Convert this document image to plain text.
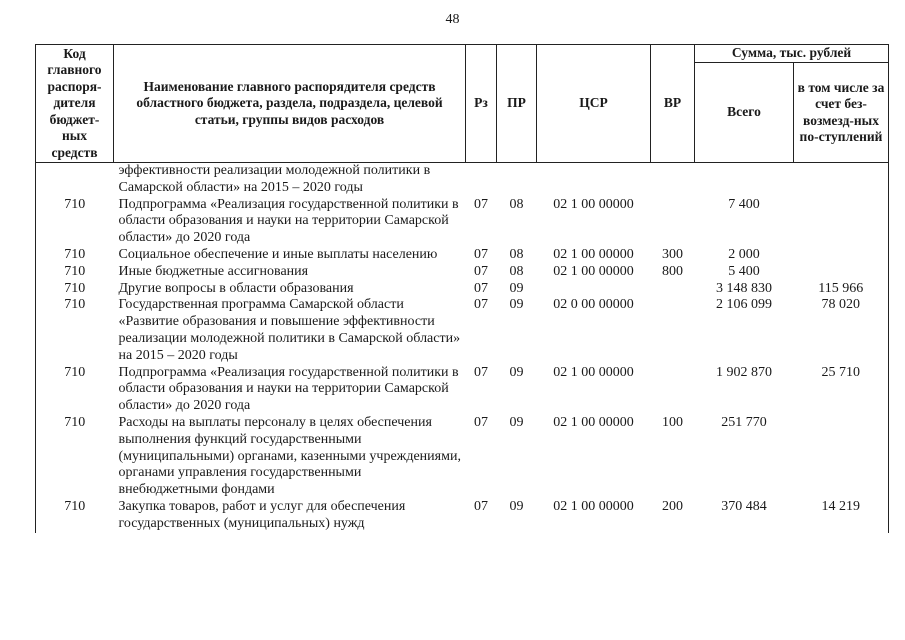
48
Код главного распоря-дителя бюджет-ных средств	Наименование главного распорядителя средств областного бюджета, раздела, подраздела, целевой статьи, группы видов расходов	Рз	ПР	ЦСР	ВР	Сумма, тыс. рублей	
						Всего	в том числе за счет без-возмезд-ных по-ступлений
	эффективности реализации молодежной политики в Самарской области» на 2015 – 2020 годы						
710	Подпрограмма «Реализация государственной политики в области образования и науки на территории Самарской области» до 2020 года	07	08	02 1 00 00000		7 400	
710	Социальное обеспечение и иные выплаты населению	07	08	02 1 00 00000	300	2 000	
710	Иные бюджетные ассигнования	07	08	02 1 00 00000	800	5 400	
710	Другие вопросы в области образования	07	09			3 148 830	115 966
710	Государственная программа Самарской области «Развитие образования и повышение эффективности реализации молодежной политики в Самарской области» на 2015 – 2020 годы	07	09	02 0 00 00000		2 106 099	78 020
710	Подпрограмма «Реализация государственной политики в области образования и науки на территории Самарской области» до 2020 года	07	09	02 1 00 00000		1 902 870	25 710
710	Расходы на выплаты персоналу в целях обеспечения выполнения функций государственными (муниципальными) органами, казенными учреждениями, органами управления государственными внебюджетными фондами	07	09	02 1 00 00000	100	251 770	
710	Закупка товаров, работ и услуг для обеспечения государственных (муниципальных) нужд	07	09	02 1 00 00000	200	370 484	14 219
